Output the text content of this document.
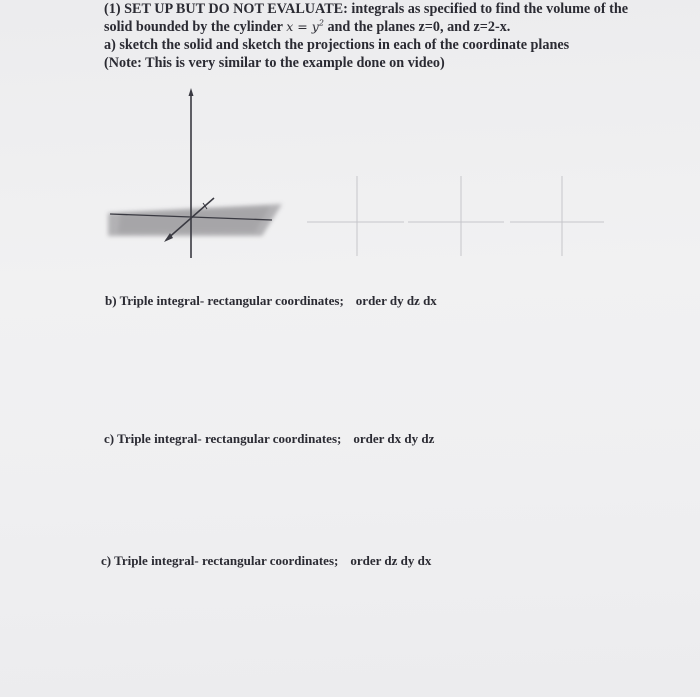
(1) SET UP BUT DO NOT EVALUATE: integrals as specified to find the volume of the
solid bounded by the cylinder $x = y^2$ and the planes z=0, and z=2-x.
a) sketch the solid and sketch the projections in each of the coordinate planes
(Note: This is very similar to the example done on video)
b) Triple integral- rectangular coordinates; order dy dz dx
c) Triple integral- rectangular coordinates; order dx dy dz
c) Triple integral- rectangular coordinates; order dz dy dx
